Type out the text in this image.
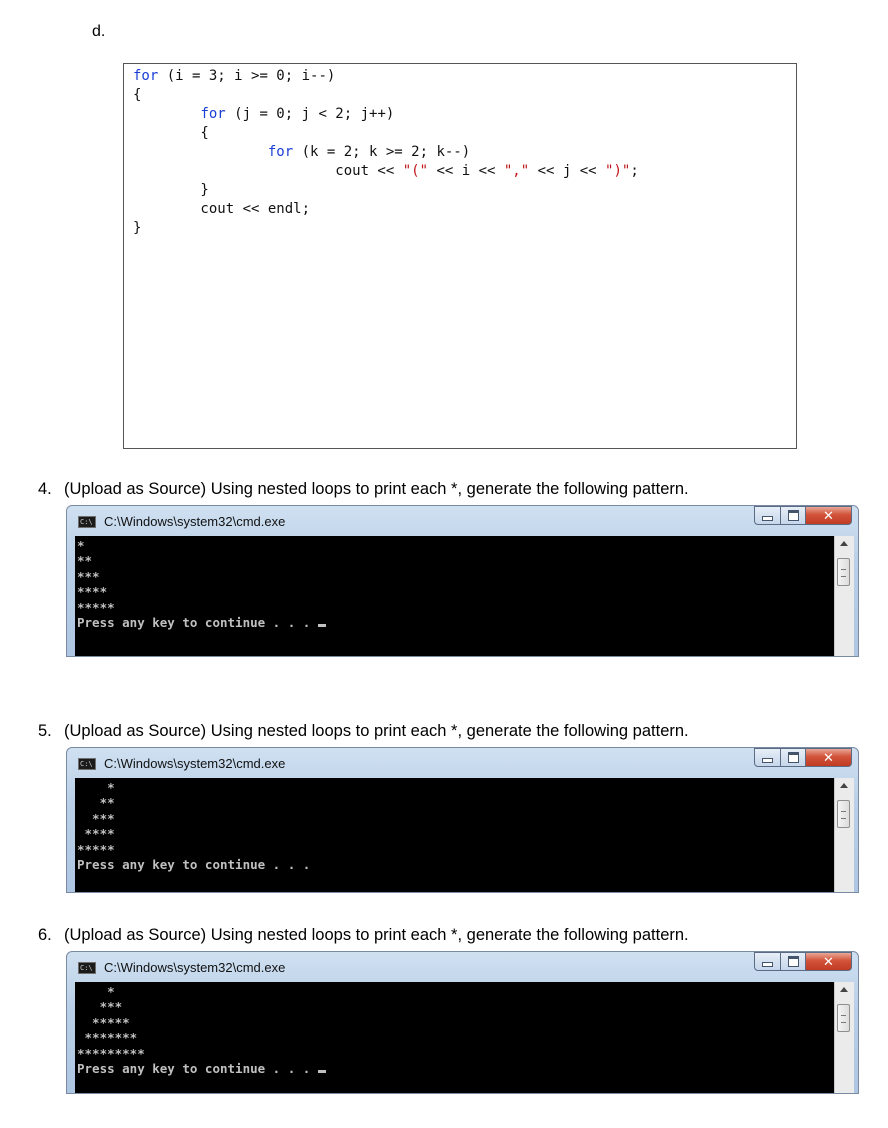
d.
for (i = 3; i >= 0; i--)
{
for (j = 0; j < 2; j++)
{
for (k = 2; k >= 2; k--)
cout << "(" << i << "," << j << ")";
}
cout << endl;
}
4. (Upload as Source) Using nested loops to print each *, generate the following pattern.
C:\ C:\Windows\system32\cmd.exe	✕
*
**
***
****
*****
Press any key to continue . . .
5. (Upload as Source) Using nested loops to print each *, generate the following pattern.
C:\ C:\Windows\system32\cmd.exe	✕
*
**
***
****
*****
Press any key to continue . . .
6. (Upload as Source) Using nested loops to print each *, generate the following pattern.
C:\ C:\Windows\system32\cmd.exe	✕
*
***
*****
*******
*********
Press any key to continue . . .
